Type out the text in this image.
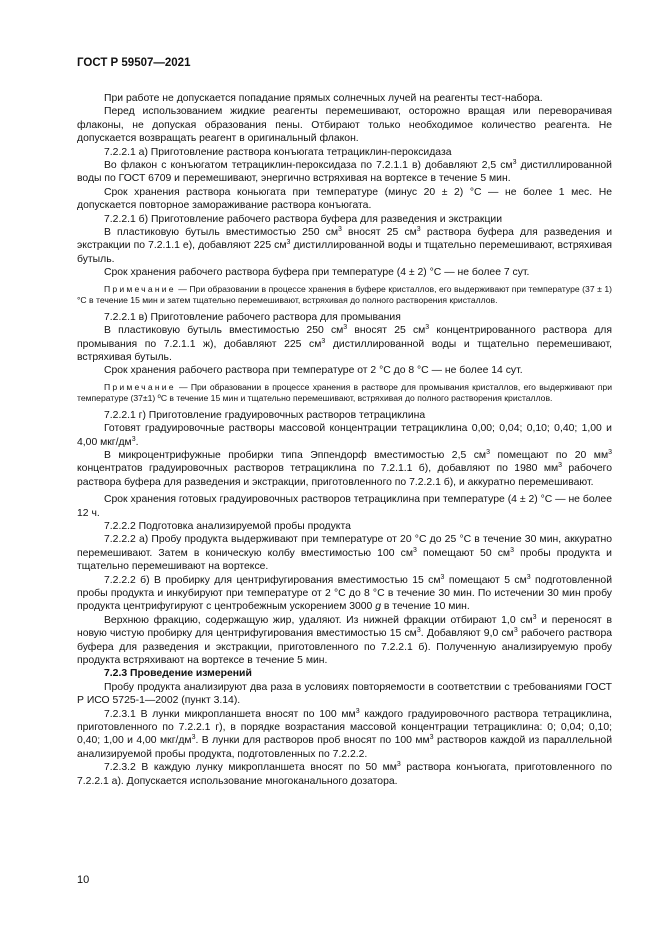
ГОСТ Р 59507—2021

При работе не допускается попадание прямых солнечных лучей на реагенты тест-набора.

Перед использованием жидкие реагенты перемешивают, осторожно вращая или переворачивая флаконы, не допуская образования пены. Отбирают только необходимое количество реагента. Не допускается возвращать реагент в оригинальный флакон.

7.2.2.1 а) Приготовление раствора конъюгата тетрациклин-пероксидаза

Во флакон с конъюгатом тетрациклин-пероксидаза по 7.2.1.1 в) добавляют 2,5 $см^3$ дистиллированной воды по ГОСТ 6709 и перемешивают, энергично встряхивая на вортексе в течение 5 мин.

Срок хранения раствора коньюгата при температуре (минус 20 ± 2) °С — не более 1 мес. Не допускается повторное замораживание раствора конъюгата.

7.2.2.1 б) Приготовление рабочего раствора буфера для разведения и экстракции

В пластиковую бутыль вместимостью 250 $см^3$ вносят 25 $см^3$ раствора буфера для разведения и экстракции по 7.2.1.1 е), добавляют 225 $см^3$ дистиллированной воды и тщательно перемешивают, встряхивая бутыль.

Срок хранения рабочего раствора буфера при температуре (4 ± 2) °С — не более 7 сут.

Примечание — При образовании в процессе хранения в буфере кристаллов, его выдерживают при температуре (37 ± 1) °С в течение 15 мин и затем тщательно перемешивают, встряхивая до полного растворения кристаллов.

7.2.2.1 в) Приготовление рабочего раствора для промывания

В пластиковую бутыль вместимостью 250 $см^3$ вносят 25 $см^3$ концентрированного раствора для промывания по 7.2.1.1 ж), добавляют 225 $см^3$ дистиллированной воды и тщательно перемешивают, встряхивая бутыль.

Срок хранения рабочего раствора при температуре от 2 °С до 8 °С — не более 14 сут.

Примечание — При образовании в процессе хранения в растворе для промывания кристаллов, его выдерживают при температуре (37±1) ºС в течение 15 мин и тщательно перемешивают, встряхивая до полного растворения кристаллов.

7.2.2.1 г) Приготовление градуировочных растворов тетрациклина

Готовят градуировочные растворы массовой концентрации тетрациклина 0,00; 0,04; 0,10; 0,40; 1,00 и 4,00 мкг/$дм^3$.

В микроцентрифужные пробирки типа Эппендорф вместимостью 2,5 $см^3$ помещают по 20 $мм^3$ концентратов градуировочных растворов тетрациклина по 7.2.1.1 б), добавляют по 1980 $мм^3$ рабочего раствора буфера для разведения и экстракции, приготовленного по 7.2.2.1 б), и аккуратно перемешивают.

Срок хранения готовых градуировочных растворов тетрациклина при температуре (4 ± 2) °С — не более 12 ч.

7.2.2.2 Подготовка анализируемой пробы продукта

7.2.2.2 а) Пробу продукта выдерживают при температуре от 20 °С до 25 °С в течение 30 мин, аккуратно перемешивают. Затем в коническую колбу вместимостью 100 $см^3$ помещают 50 $см^3$ пробы продукта и тщательно перемешивают на вортексе.

7.2.2.2 б) В пробирку для центрифугирования вместимостью 15 $см^3$ помещают 5 $см^3$ подготовленной пробы продукта и инкубируют при температуре от 2 °С до 8 °С в течение 30 мин. По истечении 30 мин пробу продукта центрифугируют с центробежным ускорением 3000 g в течение 10 мин.

Верхнюю фракцию, содержащую жир, удаляют. Из нижней фракции отбирают 1,0 $см^3$ и переносят в новую чистую пробирку для центрифугирования вместимостью 15 $см^3$. Добавляют 9,0 $см^3$ рабочего раствора буфера для разведения и экстракции, приготовленного по 7.2.2.1 б). Полученную анализируемую пробу продукта встряхивают на вортексе в течение 5 мин.

7.2.3 Проведение измерений

Пробу продукта анализируют два раза в условиях повторяемости в соответствии с требованиями ГОСТ Р ИСО 5725-1—2002 (пункт 3.14).

7.2.3.1 В лунки микропланшета вносят по 100 $мм^3$ каждого градуировочного раствора тетрациклина, приготовленного по 7.2.2.1 г), в порядке возрастания массовой концентрации тетрациклина: 0; 0,04; 0,10; 0,40; 1,00 и 4,00 мкг/$дм^3$. В лунки для растворов проб вносят по 100 $мм^3$ растворов каждой из параллельной анализируемой пробы продукта, подготовленных по 7.2.2.2.

7.2.3.2 В каждую лунку микропланшета вносят по 50 $мм^3$ раствора конъюгата, приготовленного по 7.2.2.1 а). Допускается использование многоканального дозатора.

10
